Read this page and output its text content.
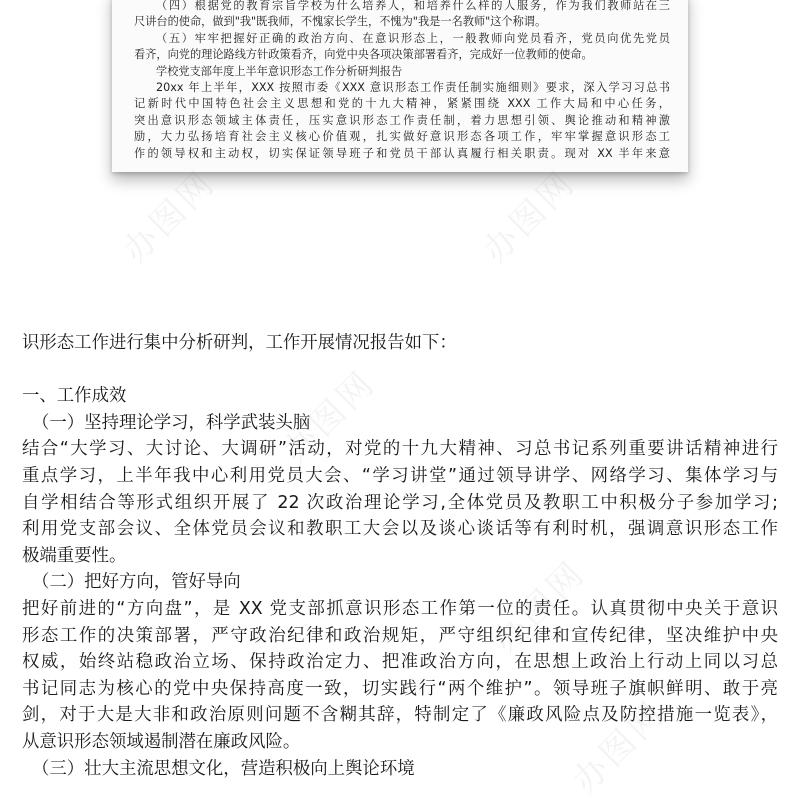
（四）根据党的教育宗旨学校为什么培养人，和培养什么样的人服务，作为我们教师站在三

尺讲台的使命，做到"我"既我师，不愧家长学生，不愧为"我是一名教师"这个称谓。

（五）牢牢把握好正确的政治方向、在意识形态上，一般教师向党员看齐，党员向优先党员

看齐，向党的理论路线方针政策看齐，向党中央各项决策部署看齐，完成好一位教师的使命。

学校党支部年度上半年意识形态工作分析研判报告

20xx 年上半年，XXX 按照市委《XXX 意识形态工作责任制实施细则》要求，深入学习习总书

记新时代中国特色社会主义思想和党的十九大精神，紧紧围绕 XXX 工作大局和中心任务，

突出意识形态领域主体责任，压实意识形态工作责任制，着力思想引领、舆论推动和精神激

励，大力弘扬培育社会主义核心价值观，扎实做好意识形态各项工作，牢牢掌握意识形态工

作的领导权和主动权，切实保证领导班子和党员干部认真履行相关职责。现对 XX 半年来意

办图网	办图网
办图网
办图网
办图网

识形态工作进行集中分析研判，工作开展情况报告如下：

一、工作成效

（一）坚持理论学习，科学武装头脑

结合“大学习、大讨论、大调研”活动，对党的十九大精神、习总书记系列重要讲话精神进行

重点学习，上半年我中心利用党员大会、“学习讲堂”通过领导讲学、网络学习、集体学习与

自学相结合等形式组织开展了 22 次政治理论学习,全体党员及教职工中积极分子参加学习;

利用党支部会议、全体党员会议和教职工大会以及谈心谈话等有利时机，强调意识形态工作

极端重要性。

（二）把好方向，管好导向

把好前进的“方向盘”，是 XX 党支部抓意识形态工作第一位的责任。认真贯彻中央关于意识

形态工作的决策部署，严守政治纪律和政治规矩，严守组织纪律和宣传纪律，坚决维护中央

权威，始终站稳政治立场、保持政治定力、把准政治方向，在思想上政治上行动上同以习总

书记同志为核心的党中央保持高度一致，切实践行“两个维护”。领导班子旗帜鲜明、敢于亮

剑，对于大是大非和政治原则问题不含糊其辞，特制定了《廉政风险点及防控措施一览表》，

从意识形态领域遏制潜在廉政风险。

（三）壮大主流思想文化，营造积极向上舆论环境
